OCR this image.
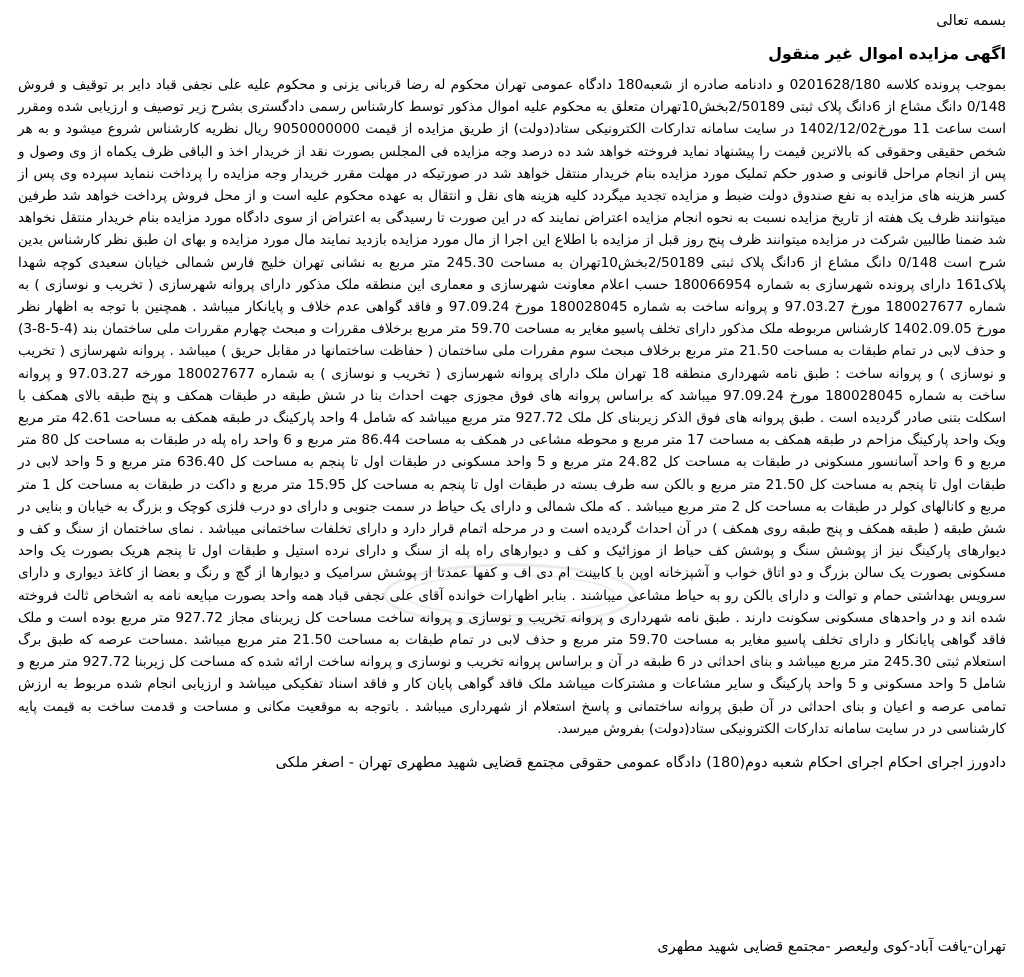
بسمه تعالی

اگهی مزایده اموال غیر منقول

بموجب پرونده کلاسه 0201628/180 و دادنامه صادره از شعبه180 دادگاه عمومی تهران محکوم له رضا قربانی یزنی و محکوم علیه علی نجفی قباد دایر بر توقیف و فروش 0/148 دانگ مشاع از 6دانگ پلاک ثبتی 2/50189بخش10تهران متعلق به محکوم علیه اموال مذکور توسط کارشناس رسمی دادگستری بشرح زیر توصیف و ارزیابی شده ومقرر است ساعت 11 مورخ1402/12/02 در سایت سامانه تدارکات الکترونیکی ستاد(دولت) از طریق مزایده از قیمت 9050000000 ریال نظریه کارشناس شروع میشود و به هر شخص حقیقی وحقوقی که بالاترین قیمت را پیشنهاد نماید فروخته خواهد شد ده درصد وجه مزایده فی المجلس بصورت نقد از خریدار اخذ و الباقی ظرف یکماه از وی وصول و پس از انجام مراحل قانونی و صدور حکم تملیک مورد مزایده بنام خریدار منتقل خواهد شد در صورتیکه در مهلت مقرر خریدار وجه مزایده را پرداخت ننماید سپرده وی پس از کسر هزینه های مزایده به نفع صندوق دولت ضبط و مزایده تجدید میگردد کلیه هزینه های نقل و انتقال به عهده محکوم علیه است و از محل فروش پرداخت خواهد شد طرفین میتوانند ظرف یک هفته از تاریخ مزایده نسبت به نحوه انجام مزایده اعتراض نمایند که در این صورت تا رسیدگی به اعتراض از سوی دادگاه مورد مزایده بنام خریدار منتقل نخواهد شد ضمنا طالبین شرکت در مزایده میتوانند ظرف پنج روز قبل از مزایده با اطلاع این اجرا از مال مورد مزایده بازدید نمایند مال مورد مزایده و بهای ان طبق نظر کارشناس بدین شرح است 0/148 دانگ مشاع از 6دانگ پلاک ثبتی 2/50189بخش10تهران به مساحت 245.30 متر مربع به نشانی تهران خلیج فارس شمالی خیابان سعیدی کوچه شهدا پلاک161 دارای پرونده شهرسازی به شماره 180066954 حسب اعلام معاونت شهرسازی و معماری این منطقه ملک مذکور دارای پروانه شهرسازی ( تخریب و نوسازی ) به شماره 180027677 مورخ 97.03.27 و پروانه ساخت به شماره 180028045 مورخ 97.09.24 و فاقد گواهی عدم خلاف و پایانکار میباشد . همچنین با توجه به اظهار نظر مورخ 1402.09.05 کارشناس مربوطه ملک مذکور دارای تخلف پاسیو مغایر به مساحت 59.70 متر مربع برخلاف مقررات و مبحث چهارم مقررات ملی ساختمان بند (4-5-8-3) و حذف لابی در تمام طبقات به مساحت 21.50 متر مربع برخلاف مبحث سوم مقررات ملی ساختمان ( حفاظت ساختمانها در مقابل حریق ) میباشد . پروانه شهرسازی ( تخریب و نوسازی ) و پروانه ساخت : طبق نامه شهرداری منطقه 18 تهران ملک دارای پروانه شهرسازی ( تخریب و نوسازی ) به شماره 180027677 مورخه 97.03.27 و پروانه ساخت به شماره 180028045 مورخ 97.09.24 میباشد که براساس پروانه های فوق مجوزی جهت احداث بنا در شش طبقه در طبقات همکف و پنج طبقه بالای همکف با اسکلت بتنی صادر گردیده است . طبق پروانه های فوق الذکر زیربنای کل ملک 927.72 متر مربع میباشد که شامل 4 واحد پارکینگ در طبقه همکف به مساحت 42.61 متر مربع ویک واحد پارکینگ مزاحم در طبقه همکف به مساحت 17 متر مربع و محوطه مشاعی در همکف به مساحت 86.44 متر مربع و 6 واحد راه پله در طبقات به مساحت کل 80 متر مربع و 6 واحد آسانسور مسکونی در طبقات به مساحت کل 24.82 متر مربع و 5 واحد مسکونی در طبقات اول تا پنجم به مساحت کل 636.40 متر مربع و 5 واحد لابی در طبقات اول تا پنجم به مساحت کل 21.50 متر مربع و بالکن سه طرف بسته در طبقات اول تا پنجم به مساحت کل 15.95 متر مربع و داکت در طبقات به مساحت کل 1 متر مربع و کانالهای کولر در طبقات به مساحت کل 2 متر مربع میباشد . که ملک شمالی و دارای یک حیاط در سمت جنوبی و دارای دو درب فلزی کوچک و بزرگ به خیابان و بنایی در شش طبقه ( طبقه همکف و پنج طبقه روی همکف ) در آن احداث گردیده است و در مرحله اتمام قرار دارد و دارای تخلفات ساختمانی میباشد . نمای ساختمان از سنگ و کف و دیوارهای پارکینگ نیز از پوشش سنگ و پوشش کف حیاط از موزائیک و کف و دیوارهای راه پله از سنگ و دارای نرده استیل و طبقات اول تا پنجم هریک بصورت یک واحد مسکونی بصورت یک سالن بزرگ و دو اتاق خواب و آشپزخانه اوپن با کابینت ام دی اف و کفها عمدتا از پوشش سرامیک و دیوارها از گچ و رنگ و بعضا از کاغذ دیواری و دارای سرویس بهداشتی حمام و توالت و دارای بالکن رو به حیاط مشاعی میباشند . بنابر اظهارات خوانده آقای علی نجفی قباد همه واحد بصورت مبایعه نامه به اشخاص ثالث فروخته شده اند و در واحدهای مسکونی سکونت دارند . طبق نامه شهرداری و پروانه تخریب و نوسازی و پروانه ساخت مساحت کل زیربنای مجاز 927.72 متر مربع بوده است و ملک فاقد گواهی پایانکار و دارای تخلف پاسیو مغایر به مساحت 59.70 متر مربع و حذف لابی در تمام طبقات به مساحت 21.50 متر مربع میباشد .مساحت عرصه که طبق برگ استعلام ثبتی 245.30 متر مربع میباشد و بنای احداثی در 6 طبقه در آن و براساس پروانه تخریب و نوسازی و پروانه ساخت ارائه شده که مساحت کل زیربنا 927.72 متر مربع و شامل 5 واحد مسکونی و 5 واحد پارکینگ و سایر مشاعات و مشترکات میباشد ملک فاقد گواهی پایان کار و فاقد اسناد تفکیکی میباشد و ارزیابی انجام شده مربوط به ارزش تمامی عرصه و اعیان و بنای احداثی در آن طبق پروانه ساختمانی و پاسخ استعلام از شهرداری میباشد . باتوجه به موقعیت مکانی و مساحت و قدمت ساخت به قیمت پایه کارشناسی در در سایت سامانه تدارکات الکترونیکی ستاد(دولت) بفروش میرسد.
دادورز اجرای احکام اجرای احکام شعبه دوم(180) دادگاه عمومی حقوقی مجتمع قضایی شهید مطهری تهران - اصغر ملکی
تهران-یافت آباد-کوی ولیعصر -مجتمع قضایی شهید مطهری
